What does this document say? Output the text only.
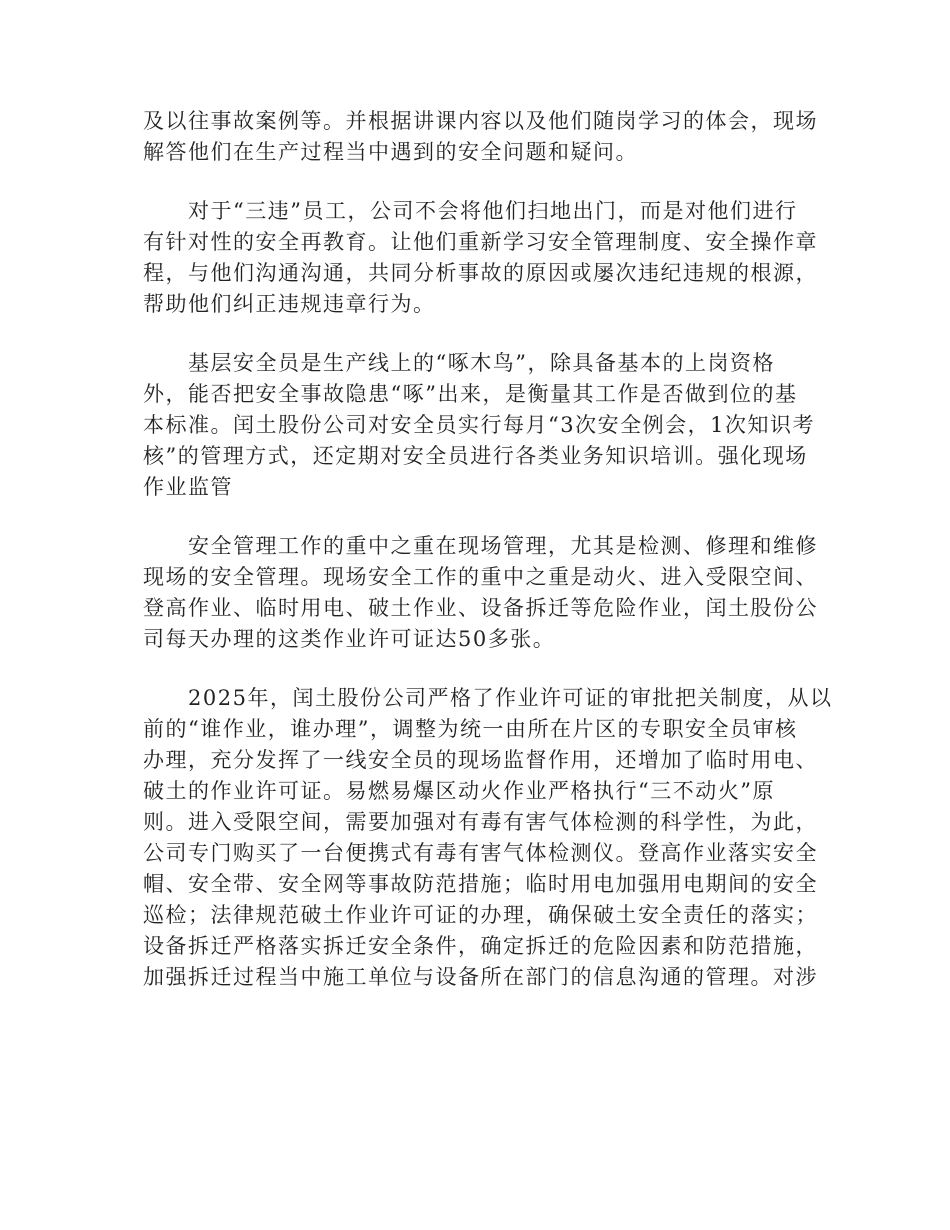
及以往事故案例等。并根据讲课内容以及他们随岗学习的体会，现场
解答他们在生产过程当中遇到的安全问题和疑问。
　　对于“三违”员工，公司不会将他们扫地出门，而是对他们进行
有针对性的安全再教育。让他们重新学习安全管理制度、安全操作章
程，与他们沟通沟通，共同分析事故的原因或屡次违纪违规的根源，
帮助他们纠正违规违章行为。
　　基层安全员是生产线上的“啄木鸟”，除具备基本的上岗资格
外，能否把安全事故隐患“啄”出来，是衡量其工作是否做到位的基
本标准。闰土股份公司对安全员实行每月“3次安全例会，1次知识考
核”的管理方式，还定期对安全员进行各类业务知识培训。强化现场
作业监管
　　安全管理工作的重中之重在现场管理，尤其是检测、修理和维修
现场的安全管理。现场安全工作的重中之重是动火、进入受限空间、
登高作业、临时用电、破土作业、设备拆迁等危险作业，闰土股份公
司每天办理的这类作业许可证达50多张。
　　2025年，闰土股份公司严格了作业许可证的审批把关制度，从以
前的“谁作业，谁办理”，调整为统一由所在片区的专职安全员审核
办理，充分发挥了一线安全员的现场监督作用，还增加了临时用电、
破土的作业许可证。易燃易爆区动火作业严格执行“三不动火”原
则。进入受限空间，需要加强对有毒有害气体检测的科学性，为此，
公司专门购买了一台便携式有毒有害气体检测仪。登高作业落实安全
帽、安全带、安全网等事故防范措施；临时用电加强用电期间的安全
巡检；法律规范破土作业许可证的办理，确保破土安全责任的落实；
设备拆迁严格落实拆迁安全条件，确定拆迁的危险因素和防范措施，
加强拆迁过程当中施工单位与设备所在部门的信息沟通的管理。对涉
